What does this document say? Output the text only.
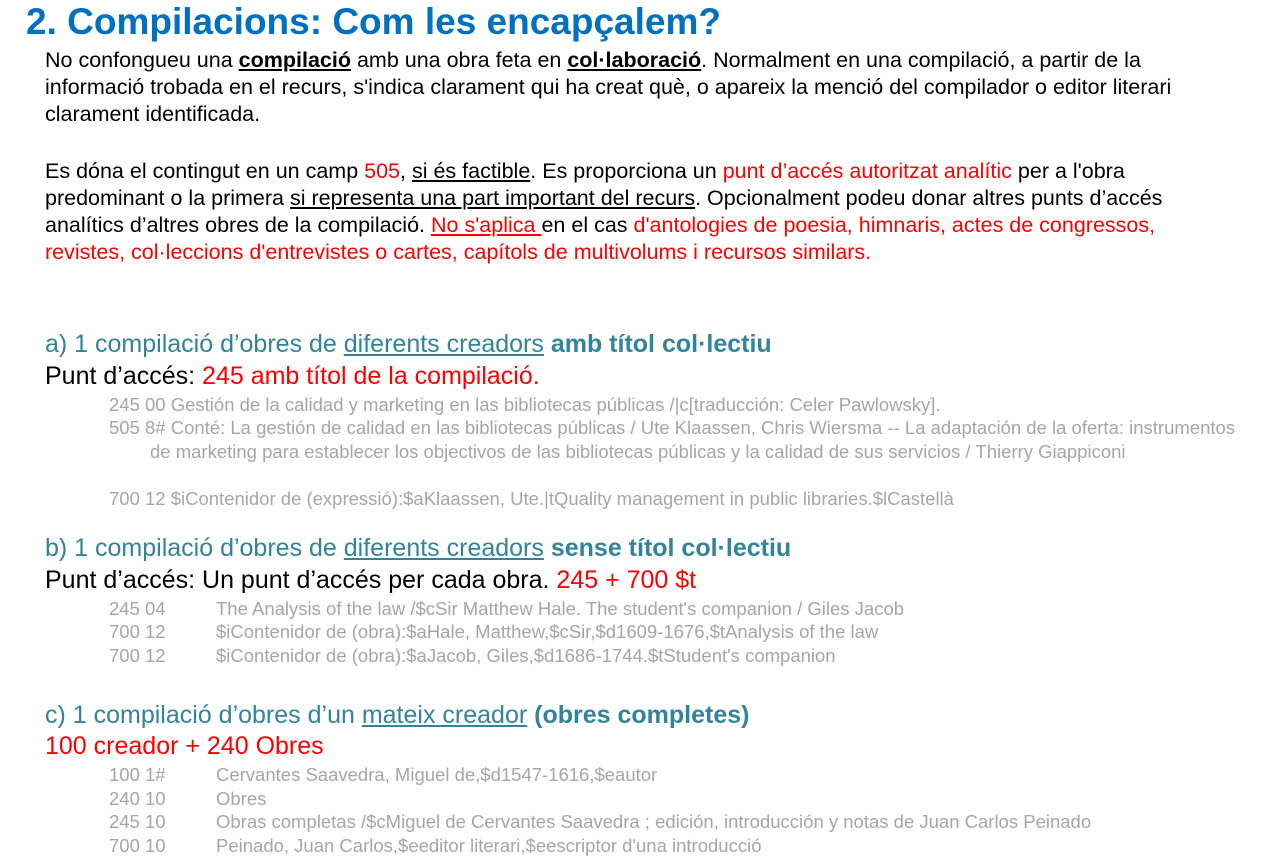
2. Compilacions: Com les encapçalem?
No confongueu una compilació amb una obra feta en col·laboració. Normalment en una compilació, a partir de la informació trobada en el recurs, s'indica clarament qui ha creat què, o apareix la menció del compilador o editor literari clarament identificada.
Es dóna el contingut en un camp 505, si és factible. Es proporciona un punt d’accés autoritzat analític per a l'obra predominant o la primera si representa una part important del recurs. Opcionalment podeu donar altres punts d’accés analítics d’altres obres de la compilació. No s'aplica en el cas d'antologies de poesia, himnaris, actes de congressos, revistes, col·leccions d'entrevistes o cartes, capítols de multivolums i recursos similars.
a) 1 compilació d’obres de diferents creadors amb títol col·lectiu
Punt d’accés: 245 amb títol de la compilació.
245 00 Gestión de la calidad y marketing en las bibliotecas públicas /|c[traducción: Celer Pawlowsky].
505 8# Conté: La gestión de calidad en las bibliotecas públicas / Ute Klaassen, Chris Wiersma -- La adaptación de la oferta: instrumentos de marketing para establecer los objectivos de las bibliotecas públicas y la calidad de sus servicios / Thierry Giappiconi
700 12 $iContenidor de (expressió):$aKlaassen, Ute.|tQuality management in public libraries.$lCastellà
b) 1 compilació d’obres de diferents creadors sense títol col·lectiu
Punt d’accés: Un punt d’accés per cada obra. 245 + 700 $t
245 04	The Analysis of the law /$cSir Matthew Hale. The student's companion / Giles Jacob
700 12	$iContenidor de (obra):$aHale, Matthew,$cSir,$d1609-1676,$tAnalysis of the law
700 12	$iContenidor de (obra):$aJacob, Giles,$d1686-1744.$tStudent's companion
c) 1 compilació d’obres d’un mateix creador (obres completes)
100 creador + 240 Obres
100 1#	Cervantes Saavedra, Miguel de,$d1547-1616,$eautor
240 10	Obres
245 10	Obras completas /$cMiguel de Cervantes Saavedra ; edición, introducción y notas de Juan Carlos Peinado
700 10	Peinado, Juan Carlos,$eeditor literari,$eescriptor d'una introducció
